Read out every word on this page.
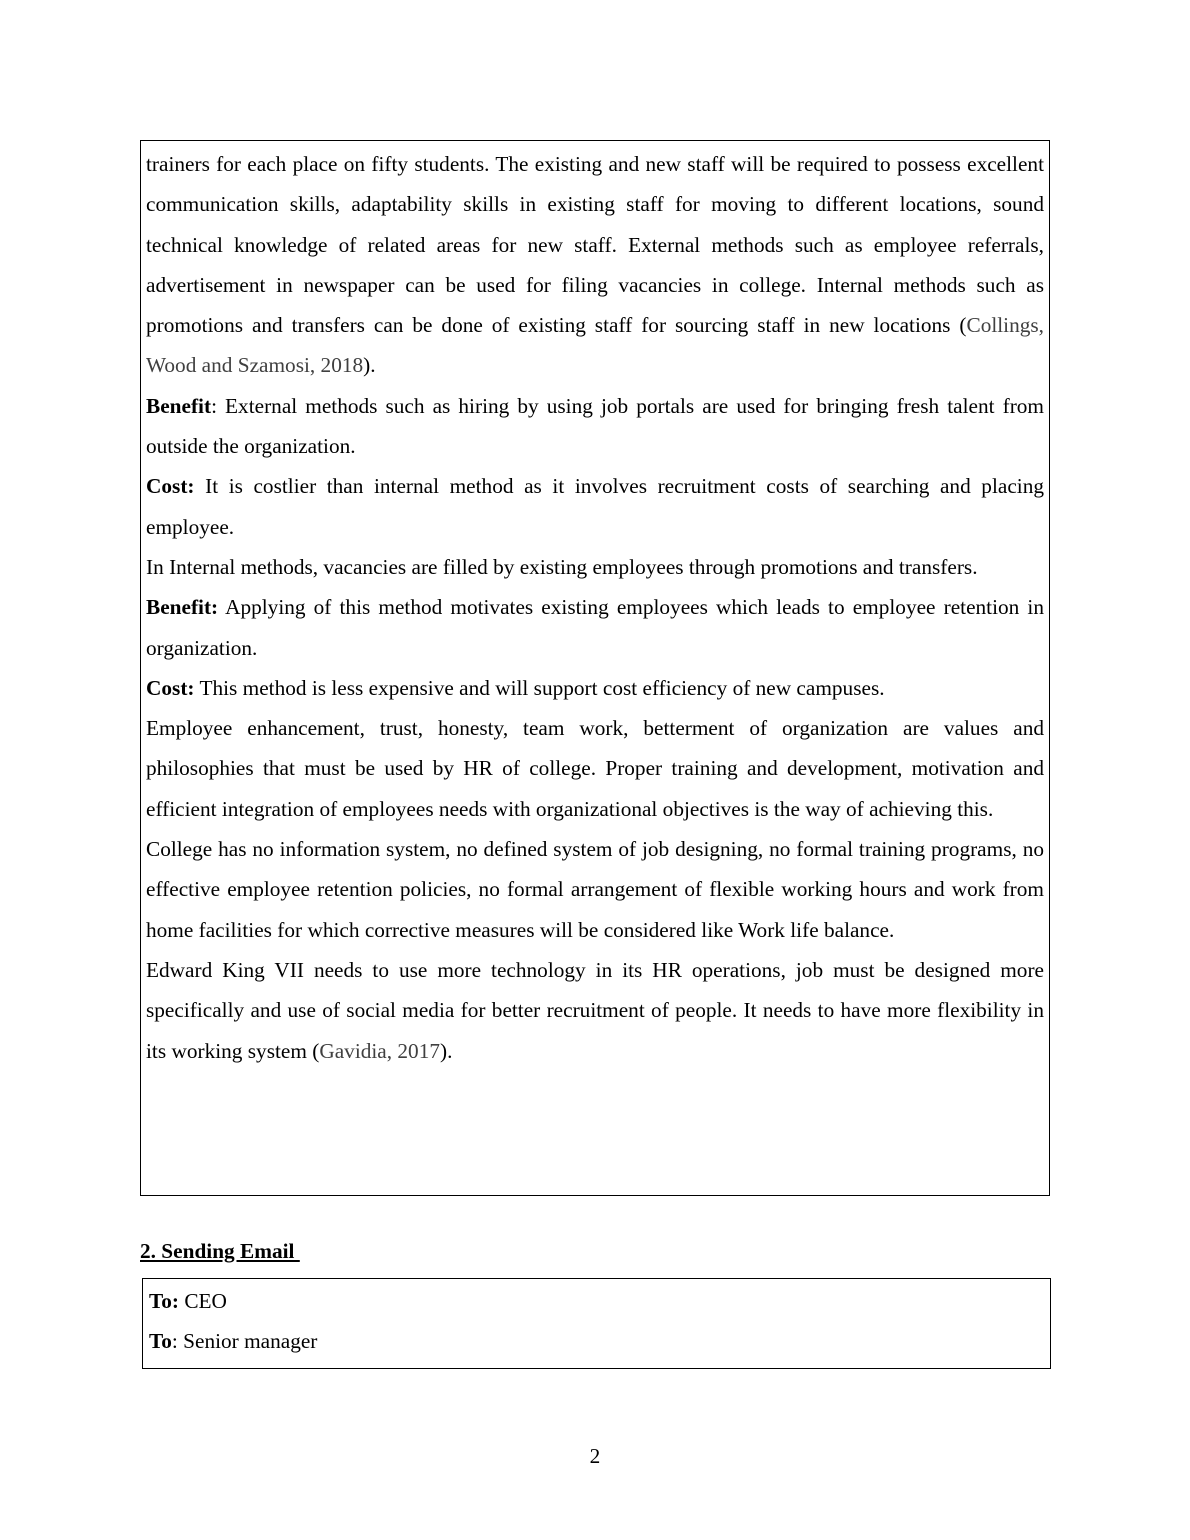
trainers for each place on fifty students. The existing and new staff will be required to possess excellent communication skills, adaptability skills in existing staff for moving to different locations, sound technical knowledge of related areas for new staff. External methods such as employee referrals, advertisement in newspaper can be used for filing vacancies in college. Internal methods such as promotions and transfers can be done of existing staff for sourcing staff in new locations (Collings, Wood and Szamosi, 2018).

Benefit: External methods such as hiring by using job portals are used for bringing fresh talent from outside the organization.

Cost: It is costlier than internal method as it involves recruitment costs of searching and placing employee.

In Internal methods, vacancies are filled by existing employees through promotions and transfers.

Benefit: Applying of this method motivates existing employees which leads to employee retention in organization.

Cost: This method is less expensive and will support cost efficiency of new campuses.

Employee enhancement, trust, honesty, team work, betterment of organization are values and philosophies that must be used by HR of college. Proper training and development, motivation and efficient integration of employees needs with organizational objectives is the way of achieving this.

College has no information system, no defined system of job designing, no formal training programs, no effective employee retention policies, no formal arrangement of flexible working hours and work from home facilities for which corrective measures will be considered like Work life balance.

Edward King VII needs to use more technology in its HR operations, job must be designed more specifically and use of social media for better recruitment of people. It needs to have more flexibility in its working system (Gavidia, 2017).

2. Sending Email

To: CEO

To: Senior manager

2
